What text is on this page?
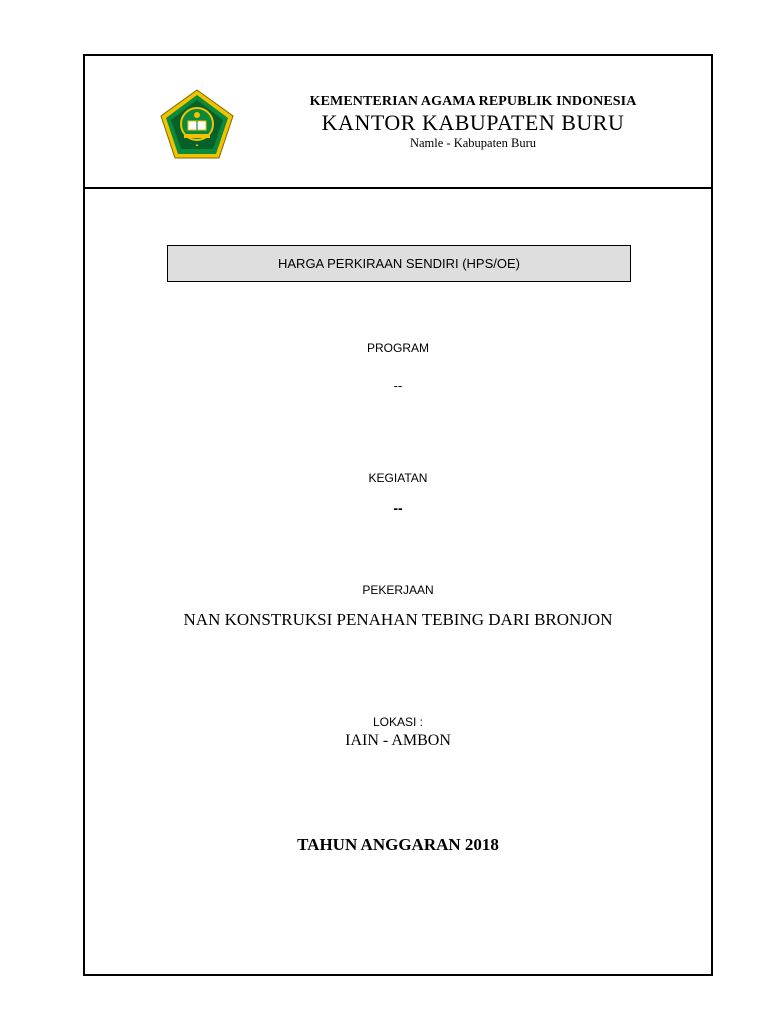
✦
KEMENTERIAN AGAMA REPUBLIK INDONESIA
KANTOR KABUPATEN BURU
Namle - Kabupaten Buru
HARGA PERKIRAAN SENDIRI (HPS/OE)
PROGRAM
--
KEGIATAN
--
PEKERJAAN
NAN KONSTRUKSI PENAHAN TEBING DARI BRONJON
LOKASI :
IAIN - AMBON
TAHUN ANGGARAN 2018
